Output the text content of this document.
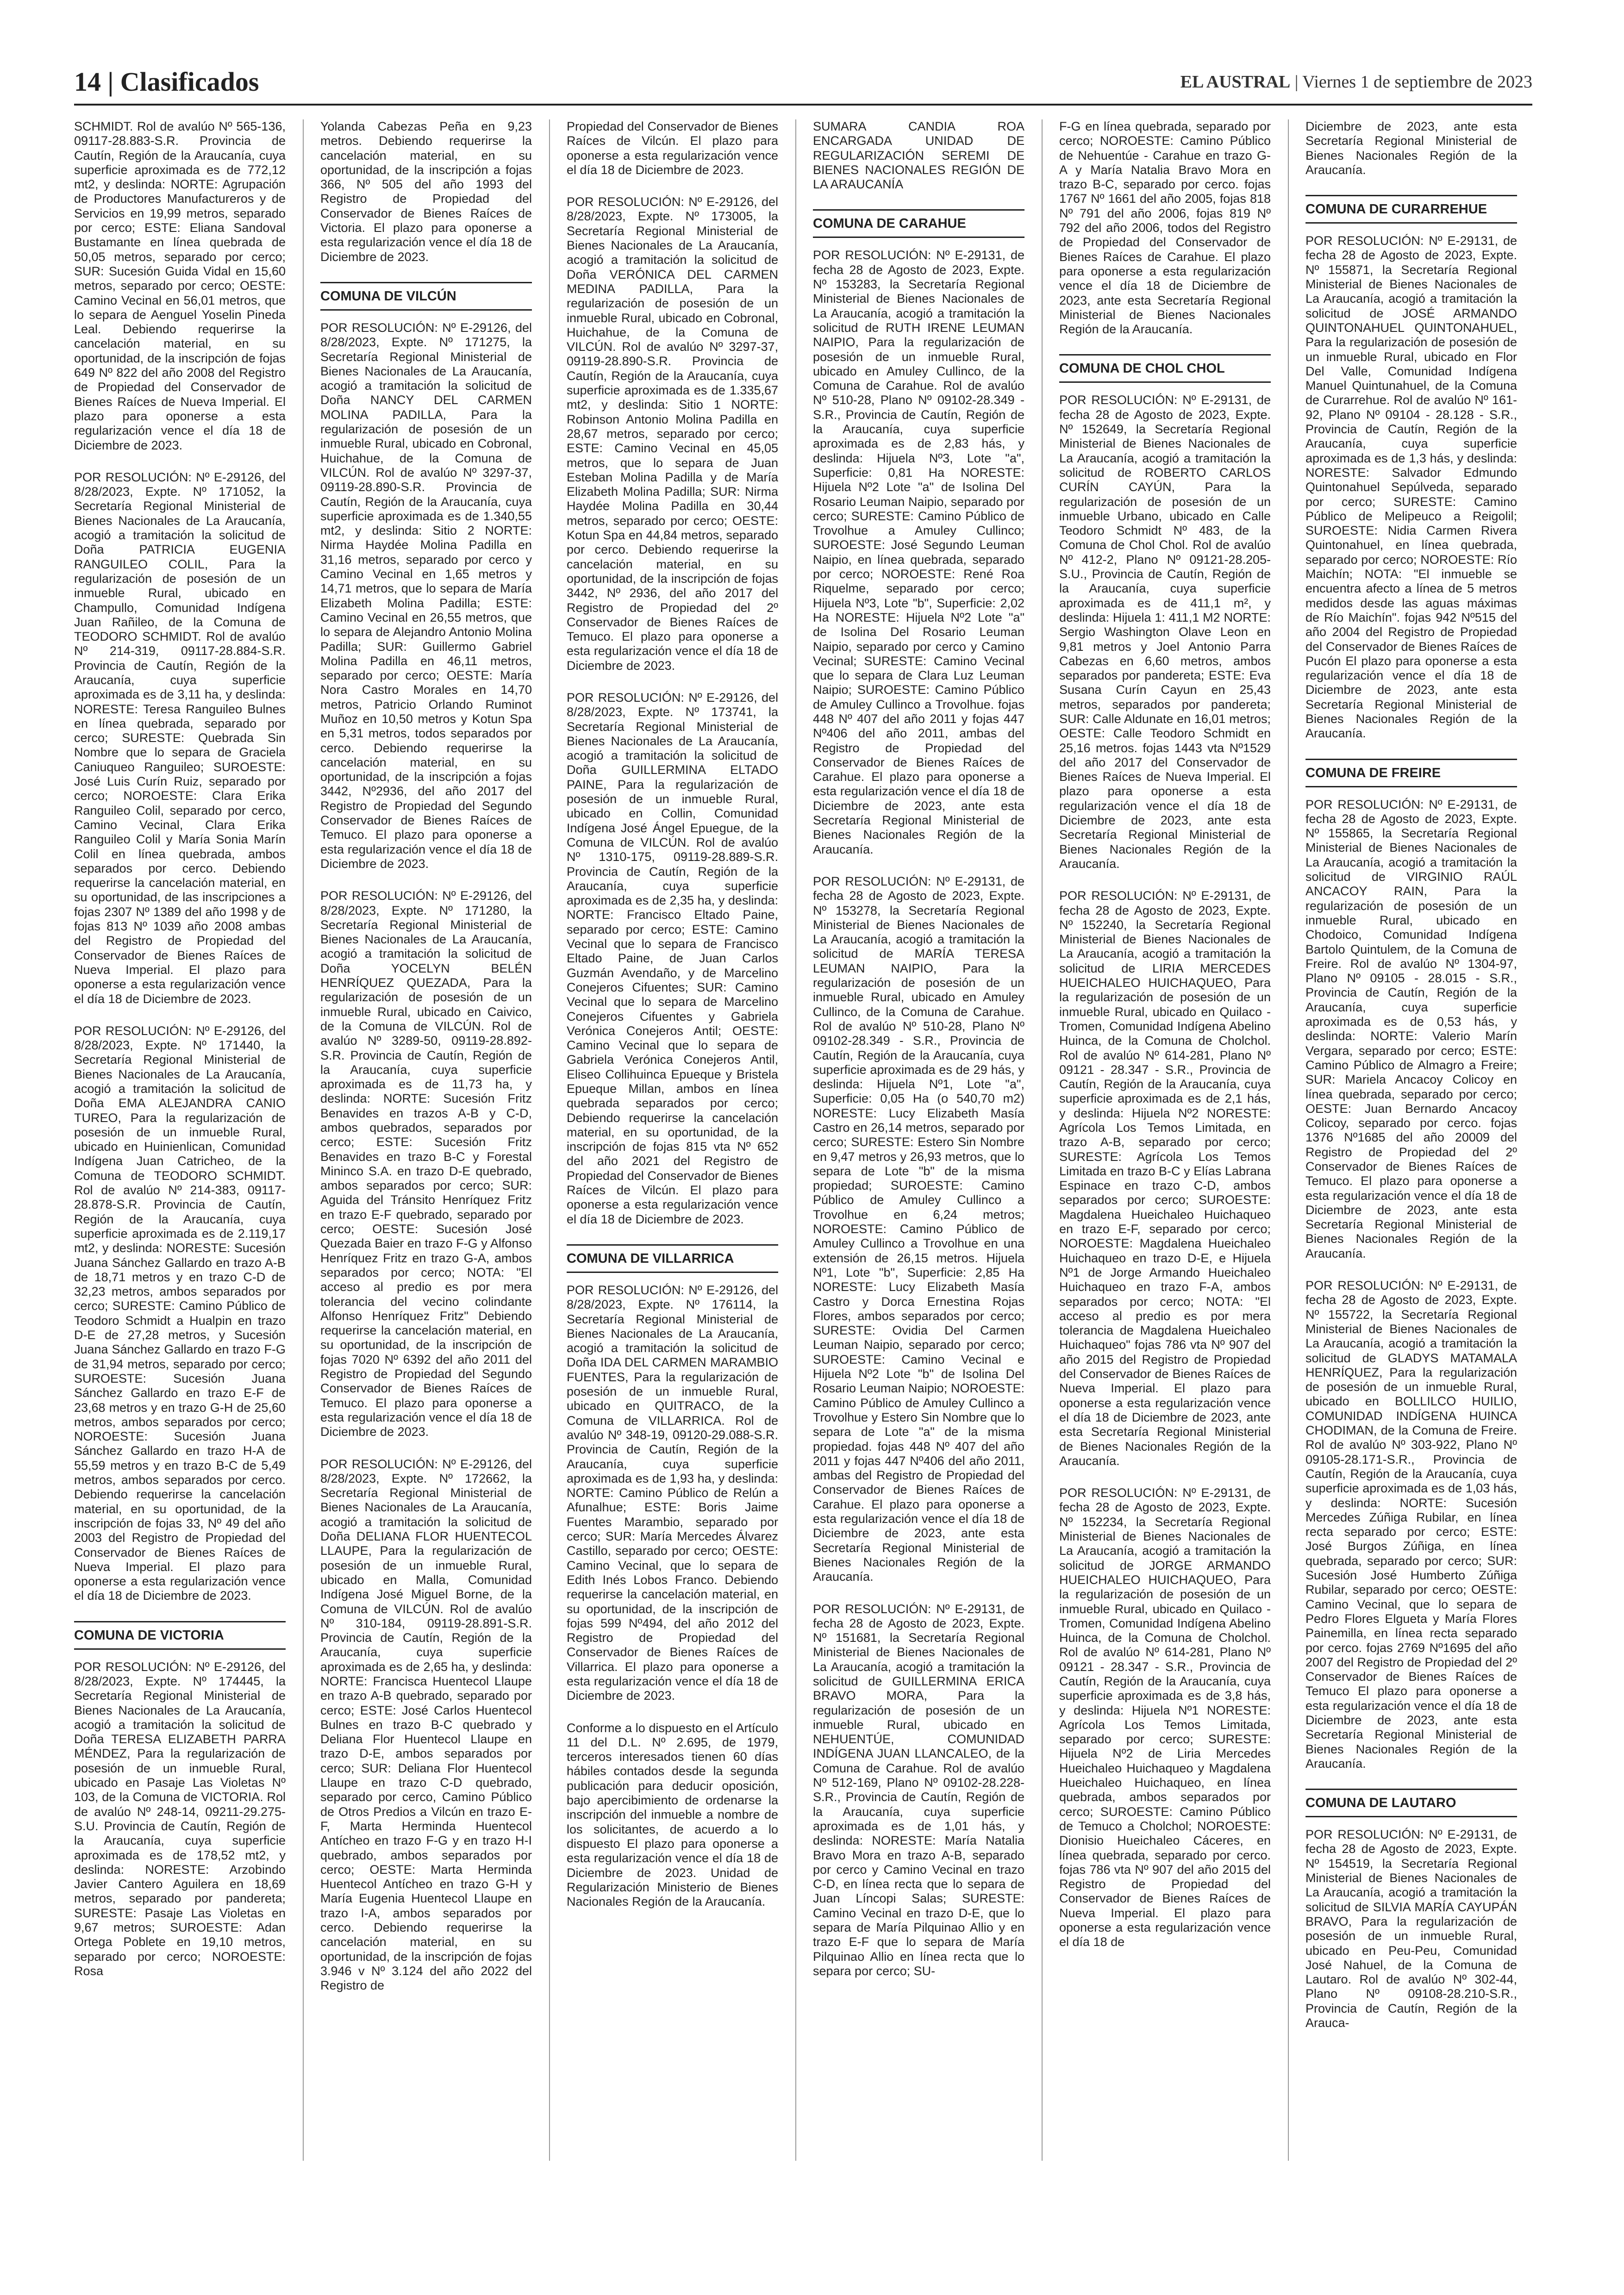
14 | Clasificados	EL AUSTRAL | Viernes 1 de septiembre de 2023
SCHMIDT. Rol de avalúo Nº 565-136, 09117-28.883-S.R. Provincia de Cautín, Región de la Araucanía, cuya superficie aproximada es de 772,12 mt2, y deslinda: NORTE: Agrupación de Productores Manufactureros y de Servicios en 19,99 metros, separado por cerco; ESTE: Eliana Sandoval Bustamante en línea quebrada de 50,05 metros, separado por cerco; SUR: Sucesión Guida Vidal en 15,60 metros, separado por cerco; OESTE: Camino Vecinal en 56,01 metros, que lo separa de Aenguel Yoselin Pineda Leal. Debiendo requerirse la cancelación material, en su oportunidad, de la inscripción de fojas 649 Nº 822 del año 2008 del Registro de Propiedad del Conservador de Bienes Raíces de Nueva Imperial. El plazo para oponerse a esta regularización vence el día 18 de Diciembre de 2023.
POR RESOLUCIÓN: Nº E-29126, del 8/28/2023, Expte. Nº 171052, la Secretaría Regional Ministerial de Bienes Nacionales de La Araucanía, acogió a tramitación la solicitud de Doña PATRICIA EUGENIA RANGUILEO COLIL, Para la regularización de posesión de un inmueble Rural, ubicado en Champullo, Comunidad Indígena Juan Rañileo, de la Comuna de TEODORO SCHMIDT. Rol de avalúo Nº 214-319, 09117-28.884-S.R. Provincia de Cautín, Región de la Araucanía, cuya superficie aproximada es de 3,11 ha, y deslinda: NORESTE: Teresa Ranguileo Bulnes en línea quebrada, separado por cerco; SURESTE: Quebrada Sin Nombre que lo separa de Graciela Caniuqueo Ranguileo; SUROESTE: José Luis Curín Ruiz, separado por cerco; NOROESTE: Clara Erika Ranguileo Colil, separado por cerco, Camino Vecinal, Clara Erika Ranguileo Colil y María Sonia Marín Colil en línea quebrada, ambos separados por cerco. Debiendo requerirse la cancelación material, en su oportunidad, de las inscripciones a fojas 2307 Nº 1389 del año 1998 y de fojas 813 Nº 1039 año 2008 ambas del Registro de Propiedad del Conservador de Bienes Raíces de Nueva Imperial. El plazo para oponerse a esta regularización vence el día 18 de Diciembre de 2023.
POR RESOLUCIÓN: Nº E-29126, del 8/28/2023, Expte. Nº 171440, la Secretaría Regional Ministerial de Bienes Nacionales de La Araucanía, acogió a tramitación la solicitud de Doña EMA ALEJANDRA CANIO TUREO, Para la regularización de posesión de un inmueble Rural, ubicado en Huinienlican, Comunidad Indígena Juan Catricheo, de la Comuna de TEODORO SCHMIDT. Rol de avalúo Nº 214-383, 09117-28.878-S.R. Provincia de Cautín, Región de la Araucanía, cuya superficie aproximada es de 2.119,17 mt2, y deslinda: NORESTE: Sucesión Juana Sánchez Gallardo en trazo A-B de 18,71 metros y en trazo C-D de 32,23 metros, ambos separados por cerco; SURESTE: Camino Público de Teodoro Schmidt a Hualpin en trazo D-E de 27,28 metros, y Sucesión Juana Sánchez Gallardo en trazo F-G de 31,94 metros, separado por cerco; SUROESTE: Sucesión Juana Sánchez Gallardo en trazo E-F de 23,68 metros y en trazo G-H de 25,60 metros, ambos separados por cerco; NOROESTE: Sucesión Juana Sánchez Gallardo en trazo H-A de 55,59 metros y en trazo B-C de 5,49 metros, ambos separados por cerco. Debiendo requerirse la cancelación material, en su oportunidad, de la inscripción de fojas 33, Nº 49 del año 2003 del Registro de Propiedad del Conservador de Bienes Raíces de Nueva Imperial. El plazo para oponerse a esta regularización vence el día 18 de Diciembre de 2023.
COMUNA DE VICTORIA
POR RESOLUCIÓN: Nº E-29126, del 8/28/2023, Expte. Nº 174445, la Secretaría Regional Ministerial de Bienes Nacionales de La Araucanía, acogió a tramitación la solicitud de Doña TERESA ELIZABETH PARRA MÉNDEZ, Para la regularización de posesión de un inmueble Rural, ubicado en Pasaje Las Violetas Nº 103, de la Comuna de VICTORIA. Rol de avalúo Nº 248-14, 09211-29.275-S.U. Provincia de Cautín, Región de la Araucanía, cuya superficie aproximada es de 178,52 mt2, y deslinda: NORESTE: Arzobindo Javier Cantero Aguilera en 18,69 metros, separado por pandereta; SURESTE: Pasaje Las Violetas en 9,67 metros; SUROESTE: Adan Ortega Poblete en 19,10 metros, separado por cerco; NOROESTE: Rosa
Yolanda Cabezas Peña en 9,23 metros. Debiendo requerirse la cancelación material, en su oportunidad, de la inscripción a fojas 366, Nº 505 del año 1993 del Registro de Propiedad del Conservador de Bienes Raíces de Victoria. El plazo para oponerse a esta regularización vence el día 18 de Diciembre de 2023.
COMUNA DE VILCÚN
POR RESOLUCIÓN: Nº E-29126, del 8/28/2023, Expte. Nº 171275, la Secretaría Regional Ministerial de Bienes Nacionales de La Araucanía, acogió a tramitación la solicitud de Doña NANCY DEL CARMEN MOLINA PADILLA, Para la regularización de posesión de un inmueble Rural, ubicado en Cobronal, Huichahue, de la Comuna de VILCÚN. Rol de avalúo Nº 3297-37, 09119-28.890-S.R. Provincia de Cautín, Región de la Araucanía, cuya superficie aproximada es de 1.340,55 mt2, y deslinda: Sitio 2 NORTE: Nirma Haydée Molina Padilla en 31,16 metros, separado por cerco y Camino Vecinal en 1,65 metros y 14,71 metros, que lo separa de María Elizabeth Molina Padilla; ESTE: Camino Vecinal en 26,55 metros, que lo separa de Alejandro Antonio Molina Padilla; SUR: Guillermo Gabriel Molina Padilla en 46,11 metros, separado por cerco; OESTE: María Nora Castro Morales en 14,70 metros, Patricio Orlando Ruminot Muñoz en 10,50 metros y Kotun Spa en 5,31 metros, todos separados por cerco. Debiendo requerirse la cancelación material, en su oportunidad, de la inscripción a fojas 3442, Nº2936, del año 2017 del Registro de Propiedad del Segundo Conservador de Bienes Raíces de Temuco. El plazo para oponerse a esta regularización vence el día 18 de Diciembre de 2023.
POR RESOLUCIÓN: Nº E-29126, del 8/28/2023, Expte. Nº 171280, la Secretaría Regional Ministerial de Bienes Nacionales de La Araucanía, acogió a tramitación la solicitud de Doña YOCELYN BELÉN HENRÍQUEZ QUEZADA, Para la regularización de posesión de un inmueble Rural, ubicado en Caivico, de la Comuna de VILCÚN. Rol de avalúo Nº 3289-50, 09119-28.892-S.R. Provincia de Cautín, Región de la Araucanía, cuya superficie aproximada es de 11,73 ha, y deslinda: NORTE: Sucesión Fritz Benavides en trazos A-B y C-D, ambos quebrados, separados por cerco; ESTE: Sucesión Fritz Benavides en trazo B-C y Forestal Mininco S.A. en trazo D-E quebrado, ambos separados por cerco; SUR: Aguida del Tránsito Henríquez Fritz en trazo E-F quebrado, separado por cerco; OESTE: Sucesión José Quezada Baier en trazo F-G y Alfonso Henríquez Fritz en trazo G-A, ambos separados por cerco; NOTA: "El acceso al predio es por mera tolerancia del vecino colindante Alfonso Henríquez Fritz" Debiendo requerirse la cancelación material, en su oportunidad, de la inscripción de fojas 7020 Nº 6392 del año 2011 del Registro de Propiedad del Segundo Conservador de Bienes Raíces de Temuco. El plazo para oponerse a esta regularización vence el día 18 de Diciembre de 2023.
POR RESOLUCIÓN: Nº E-29126, del 8/28/2023, Expte. Nº 172662, la Secretaría Regional Ministerial de Bienes Nacionales de La Araucanía, acogió a tramitación la solicitud de Doña DELIANA FLOR HUENTECOL LLAUPE, Para la regularización de posesión de un inmueble Rural, ubicado en Malla, Comunidad Indígena José Miguel Borne, de la Comuna de VILCÚN. Rol de avalúo Nº 310-184, 09119-28.891-S.R. Provincia de Cautín, Región de la Araucanía, cuya superficie aproximada es de 2,65 ha, y deslinda: NORTE: Francisca Huentecol Llaupe en trazo A-B quebrado, separado por cerco; ESTE: José Carlos Huentecol Bulnes en trazo B-C quebrado y Deliana Flor Huentecol Llaupe en trazo D-E, ambos separados por cerco; SUR: Deliana Flor Huentecol Llaupe en trazo C-D quebrado, separado por cerco, Camino Público de Otros Predios a Vilcún en trazo E-F, Marta Herminda Huentecol Antícheo en trazo F-G y en trazo H-I quebrado, ambos separados por cerco; OESTE: Marta Herminda Huentecol Antícheo en trazo G-H y María Eugenia Huentecol Llaupe en trazo I-A, ambos separados por cerco. Debiendo requerirse la cancelación material, en su oportunidad, de la inscripción de fojas 3.946 v Nº 3.124 del año 2022 del Registro de
Propiedad del Conservador de Bienes Raíces de Vilcún. El plazo para oponerse a esta regularización vence el día 18 de Diciembre de 2023.
POR RESOLUCIÓN: Nº E-29126, del 8/28/2023, Expte. Nº 173005, la Secretaría Regional Ministerial de Bienes Nacionales de La Araucanía, acogió a tramitación la solicitud de Doña VERÓNICA DEL CARMEN MEDINA PADILLA, Para la regularización de posesión de un inmueble Rural, ubicado en Cobronal, Huichahue, de la Comuna de VILCÚN. Rol de avalúo Nº 3297-37, 09119-28.890-S.R. Provincia de Cautín, Región de la Araucanía, cuya superficie aproximada es de 1.335,67 mt2, y deslinda: Sitio 1 NORTE: Robinson Antonio Molina Padilla en 28,67 metros, separado por cerco; ESTE: Camino Vecinal en 45,05 metros, que lo separa de Juan Esteban Molina Padilla y de María Elizabeth Molina Padilla; SUR: Nirma Haydée Molina Padilla en 30,44 metros, separado por cerco; OESTE: Kotun Spa en 44,84 metros, separado por cerco. Debiendo requerirse la cancelación material, en su oportunidad, de la inscripción de fojas 3442, Nº 2936, del año 2017 del Registro de Propiedad del 2º Conservador de Bienes Raíces de Temuco. El plazo para oponerse a esta regularización vence el día 18 de Diciembre de 2023.
POR RESOLUCIÓN: Nº E-29126, del 8/28/2023, Expte. Nº 173741, la Secretaría Regional Ministerial de Bienes Nacionales de La Araucanía, acogió a tramitación la solicitud de Doña GUILLERMINA ELTADO PAINE, Para la regularización de posesión de un inmueble Rural, ubicado en Collin, Comunidad Indígena José Ángel Epuegue, de la Comuna de VILCÚN. Rol de avalúo Nº 1310-175, 09119-28.889-S.R. Provincia de Cautín, Región de la Araucanía, cuya superficie aproximada es de 2,35 ha, y deslinda: NORTE: Francisco Eltado Paine, separado por cerco; ESTE: Camino Vecinal que lo separa de Francisco Eltado Paine, de Juan Carlos Guzmán Avendaño, y de Marcelino Conejeros Cifuentes; SUR: Camino Vecinal que lo separa de Marcelino Conejeros Cifuentes y Gabriela Verónica Conejeros Antil; OESTE: Camino Vecinal que lo separa de Gabriela Verónica Conejeros Antil, Eliseo Collihuinca Epueque y Bristela Epueque Millan, ambos en línea quebrada separados por cerco; Debiendo requerirse la cancelación material, en su oportunidad, de la inscripción de fojas 815 vta Nº 652 del año 2021 del Registro de Propiedad del Conservador de Bienes Raíces de Vilcún. El plazo para oponerse a esta regularización vence el día 18 de Diciembre de 2023.
COMUNA DE VILLARRICA
POR RESOLUCIÓN: Nº E-29126, del 8/28/2023, Expte. Nº 176114, la Secretaría Regional Ministerial de Bienes Nacionales de La Araucanía, acogió a tramitación la solicitud de Doña IDA DEL CARMEN MARAMBIO FUENTES, Para la regularización de posesión de un inmueble Rural, ubicado en QUITRACO, de la Comuna de VILLARRICA. Rol de avalúo Nº 348-19, 09120-29.088-S.R. Provincia de Cautín, Región de la Araucanía, cuya superficie aproximada es de 1,93 ha, y deslinda: NORTE: Camino Público de Relún a Afunalhue; ESTE: Boris Jaime Fuentes Marambio, separado por cerco; SUR: María Mercedes Álvarez Castillo, separado por cerco; OESTE: Camino Vecinal, que lo separa de Edith Inés Lobos Franco. Debiendo requerirse la cancelación material, en su oportunidad, de la inscripción de fojas 599 Nº494, del año 2012 del Registro de Propiedad del Conservador de Bienes Raíces de Villarrica. El plazo para oponerse a esta regularización vence el día 18 de Diciembre de 2023.
Conforme a lo dispuesto en el Artículo 11 del D.L. Nº 2.695, de 1979, terceros interesados tienen 60 días hábiles contados desde la segunda publicación para deducir oposición, bajo apercibimiento de ordenarse la inscripción del inmueble a nombre de los solicitantes, de acuerdo a lo dispuesto El plazo para oponerse a esta regularización vence el día 18 de Diciembre de 2023. Unidad de Regularización Ministerio de Bienes Nacionales Región de la Araucanía.
SUMARA CANDIA ROA ENCARGADA UNIDAD DE REGULARIZACIÓN SEREMI DE BIENES NACIONALES REGIÓN DE LA ARAUCANÍA
COMUNA DE CARAHUE
POR RESOLUCIÓN: Nº E-29131, de fecha 28 de Agosto de 2023, Expte. Nº 153283, la Secretaría Regional Ministerial de Bienes Nacionales de La Araucanía, acogió a tramitación la solicitud de RUTH IRENE LEUMAN NAIPIO, Para la regularización de posesión de un inmueble Rural, ubicado en Amuley Cullinco, de la Comuna de Carahue. Rol de avalúo Nº 510-28, Plano Nº 09102-28.349 - S.R., Provincia de Cautín, Región de la Araucanía, cuya superficie aproximada es de 2,83 hás, y deslinda: Hijuela Nº3, Lote "a", Superficie: 0,81 Ha NORESTE: Hijuela Nº2 Lote "a" de Isolina Del Rosario Leuman Naipio, separado por cerco; SURESTE: Camino Público de Trovolhue a Amuley Cullinco; SUROESTE: José Segundo Leuman Naipio, en línea quebrada, separado por cerco; NOROESTE: René Roa Riquelme, separado por cerco; Hijuela Nº3, Lote "b", Superficie: 2,02 Ha NORESTE: Hijuela Nº2 Lote "a" de Isolina Del Rosario Leuman Naipio, separado por cerco y Camino Vecinal; SURESTE: Camino Vecinal que lo separa de Clara Luz Leuman Naipio; SUROESTE: Camino Público de Amuley Cullinco a Trovolhue. fojas 448 Nº 407 del año 2011 y fojas 447 Nº406 del año 2011, ambas del Registro de Propiedad del Conservador de Bienes Raíces de Carahue. El plazo para oponerse a esta regularización vence el día 18 de Diciembre de 2023, ante esta Secretaría Regional Ministerial de Bienes Nacionales Región de la Araucanía.
POR RESOLUCIÓN: Nº E-29131, de fecha 28 de Agosto de 2023, Expte. Nº 153278, la Secretaría Regional Ministerial de Bienes Nacionales de La Araucanía, acogió a tramitación la solicitud de MARÍA TERESA LEUMAN NAIPIO, Para la regularización de posesión de un inmueble Rural, ubicado en Amuley Cullinco, de la Comuna de Carahue. Rol de avalúo Nº 510-28, Plano Nº 09102-28.349 - S.R., Provincia de Cautín, Región de la Araucanía, cuya superficie aproximada es de 29 hás, y deslinda: Hijuela Nº1, Lote "a", Superficie: 0,05 Ha (o 540,70 m2) NORESTE: Lucy Elizabeth Masía Castro en 26,14 metros, separado por cerco; SURESTE: Estero Sin Nombre en 9,47 metros y 26,93 metros, que lo separa de Lote "b" de la misma propiedad; SUROESTE: Camino Público de Amuley Cullinco a Trovolhue en 6,24 metros; NOROESTE: Camino Público de Amuley Cullinco a Trovolhue en una extensión de 26,15 metros. Hijuela Nº1, Lote "b", Superficie: 2,85 Ha NORESTE: Lucy Elizabeth Masía Castro y Dorca Ernestina Rojas Flores, ambos separados por cerco; SURESTE: Ovidia Del Carmen Leuman Naipio, separado por cerco; SUROESTE: Camino Vecinal e Hijuela Nº2 Lote "b" de Isolina Del Rosario Leuman Naipio; NOROESTE: Camino Público de Amuley Cullinco a Trovolhue y Estero Sin Nombre que lo separa de Lote "a" de la misma propiedad. fojas 448 Nº 407 del año 2011 y fojas 447 Nº406 del año 2011, ambas del Registro de Propiedad del Conservador de Bienes Raíces de Carahue. El plazo para oponerse a esta regularización vence el día 18 de Diciembre de 2023, ante esta Secretaría Regional Ministerial de Bienes Nacionales Región de la Araucanía.
POR RESOLUCIÓN: Nº E-29131, de fecha 28 de Agosto de 2023, Expte. Nº 151681, la Secretaría Regional Ministerial de Bienes Nacionales de La Araucanía, acogió a tramitación la solicitud de GUILLERMINA ERICA BRAVO MORA, Para la regularización de posesión de un inmueble Rural, ubicado en NEHUENTÚE, COMUNIDAD INDÍGENA JUAN LLANCALEO, de la Comuna de Carahue. Rol de avalúo Nº 512-169, Plano Nº 09102-28.228-S.R., Provincia de Cautín, Región de la Araucanía, cuya superficie aproximada es de 1,01 hás, y deslinda: NORESTE: María Natalia Bravo Mora en trazo A-B, separado por cerco y Camino Vecinal en trazo C-D, en línea recta que lo separa de Juan Líncopi Salas; SURESTE: Camino Vecinal en trazo D-E, que lo separa de María Pilquinao Allio y en trazo E-F que lo separa de María Pilquinao Allio en línea recta que lo separa por cerco; SU-
F-G en línea quebrada, separado por cerco; NOROESTE: Camino Público de Nehuentúe - Carahue en trazo G-A y María Natalia Bravo Mora en trazo B-C, separado por cerco. fojas 1767 Nº 1661 del año 2005, fojas 818 Nº 791 del año 2006, fojas 819 Nº 792 del año 2006, todos del Registro de Propiedad del Conservador de Bienes Raíces de Carahue. El plazo para oponerse a esta regularización vence el día 18 de Diciembre de 2023, ante esta Secretaría Regional Ministerial de Bienes Nacionales Región de la Araucanía.
COMUNA DE CHOL CHOL
POR RESOLUCIÓN: Nº E-29131, de fecha 28 de Agosto de 2023, Expte. Nº 152649, la Secretaría Regional Ministerial de Bienes Nacionales de La Araucanía, acogió a tramitación la solicitud de ROBERTO CARLOS CURÍN CAYÚN, Para la regularización de posesión de un inmueble Urbano, ubicado en Calle Teodoro Schmidt Nº 483, de la Comuna de Chol Chol. Rol de avalúo Nº 412-2, Plano Nº 09121-28.205-S.U., Provincia de Cautín, Región de la Araucanía, cuya superficie aproximada es de 411,1 m², y deslinda: Hijuela 1: 411,1 M2 NORTE: Sergio Washington Olave Leon en 9,81 metros y Joel Antonio Parra Cabezas en 6,60 metros, ambos separados por pandereta; ESTE: Eva Susana Curín Cayun en 25,43 metros, separados por pandereta; SUR: Calle Aldunate en 16,01 metros; OESTE: Calle Teodoro Schmidt en 25,16 metros. fojas 1443 vta Nº1529 del año 2017 del Conservador de Bienes Raíces de Nueva Imperial. El plazo para oponerse a esta regularización vence el día 18 de Diciembre de 2023, ante esta Secretaría Regional Ministerial de Bienes Nacionales Región de la Araucanía.
POR RESOLUCIÓN: Nº E-29131, de fecha 28 de Agosto de 2023, Expte. Nº 152240, la Secretaría Regional Ministerial de Bienes Nacionales de La Araucanía, acogió a tramitación la solicitud de LIRIA MERCEDES HUEICHALEO HUICHAQUEO, Para la regularización de posesión de un inmueble Rural, ubicado en Quilaco - Tromen, Comunidad Indígena Abelino Huinca, de la Comuna de Cholchol. Rol de avalúo Nº 614-281, Plano Nº 09121 - 28.347 - S.R., Provincia de Cautín, Región de la Araucanía, cuya superficie aproximada es de 2,1 hás, y deslinda: Hijuela Nº2 NORESTE: Agrícola Los Temos Limitada, en trazo A-B, separado por cerco; SURESTE: Agrícola Los Temos Limitada en trazo B-C y Elías Labrana Espinace en trazo C-D, ambos separados por cerco; SUROESTE: Magdalena Hueichaleo Huichaqueo en trazo E-F, separado por cerco; NOROESTE: Magdalena Hueichaleo Huichaqueo en trazo D-E, e Hijuela Nº1 de Jorge Armando Hueichaleo Huichaqueo en trazo F-A, ambos separados por cerco; NOTA: "El acceso al predio es por mera tolerancia de Magdalena Hueichaleo Huichaqueo" fojas 786 vta Nº 907 del año 2015 del Registro de Propiedad del Conservador de Bienes Raíces de Nueva Imperial. El plazo para oponerse a esta regularización vence el día 18 de Diciembre de 2023, ante esta Secretaría Regional Ministerial de Bienes Nacionales Región de la Araucanía.
POR RESOLUCIÓN: Nº E-29131, de fecha 28 de Agosto de 2023, Expte. Nº 152234, la Secretaría Regional Ministerial de Bienes Nacionales de La Araucanía, acogió a tramitación la solicitud de JORGE ARMANDO HUEICHALEO HUICHAQUEO, Para la regularización de posesión de un inmueble Rural, ubicado en Quilaco - Tromen, Comunidad Indígena Abelino Huinca, de la Comuna de Cholchol. Rol de avalúo Nº 614-281, Plano Nº 09121 - 28.347 - S.R., Provincia de Cautín, Región de la Araucanía, cuya superficie aproximada es de 3,8 hás, y deslinda: Hijuela Nº1 NORESTE: Agrícola Los Temos Limitada, separado por cerco; SURESTE: Hijuela Nº2 de Liria Mercedes Hueichaleo Huichaqueo y Magdalena Hueichaleo Huichaqueo, en línea quebrada, ambos separados por cerco; SUROESTE: Camino Público de Temuco a Cholchol; NOROESTE: Dionisio Hueichaleo Cáceres, en línea quebrada, separado por cerco. fojas 786 vta Nº 907 del año 2015 del Registro de Propiedad del Conservador de Bienes Raíces de Nueva Imperial. El plazo para oponerse a esta regularización vence el día 18 de
Diciembre de 2023, ante esta Secretaría Regional Ministerial de Bienes Nacionales Región de la Araucanía.
COMUNA DE CURARREHUE
POR RESOLUCIÓN: Nº E-29131, de fecha 28 de Agosto de 2023, Expte. Nº 155871, la Secretaría Regional Ministerial de Bienes Nacionales de La Araucanía, acogió a tramitación la solicitud de JOSÉ ARMANDO QUINTONAHUEL QUINTONAHUEL, Para la regularización de posesión de un inmueble Rural, ubicado en Flor Del Valle, Comunidad Indígena Manuel Quintunahuel, de la Comuna de Curarrehue. Rol de avalúo Nº 161-92, Plano Nº 09104 - 28.128 - S.R., Provincia de Cautín, Región de la Araucanía, cuya superficie aproximada es de 1,3 hás, y deslinda: NORESTE: Salvador Edmundo Quintonahuel Sepúlveda, separado por cerco; SURESTE: Camino Público de Melipeuco a Reigolil; SUROESTE: Nidia Carmen Rivera Quintonahuel, en línea quebrada, separado por cerco; NOROESTE: Río Maichín; NOTA: "El inmueble se encuentra afecto a línea de 5 metros medidos desde las aguas máximas de Río Maichín". fojas 942 Nº515 del año 2004 del Registro de Propiedad del Conservador de Bienes Raíces de Pucón El plazo para oponerse a esta regularización vence el día 18 de Diciembre de 2023, ante esta Secretaría Regional Ministerial de Bienes Nacionales Región de la Araucanía.
COMUNA DE FREIRE
POR RESOLUCIÓN: Nº E-29131, de fecha 28 de Agosto de 2023, Expte. Nº 155865, la Secretaría Regional Ministerial de Bienes Nacionales de La Araucanía, acogió a tramitación la solicitud de VIRGINIO RAÚL ANCACOY RAIN, Para la regularización de posesión de un inmueble Rural, ubicado en Chodoico, Comunidad Indígena Bartolo Quintulem, de la Comuna de Freire. Rol de avalúo Nº 1304-97, Plano Nº 09105 - 28.015 - S.R., Provincia de Cautín, Región de la Araucanía, cuya superficie aproximada es de 0,53 hás, y deslinda: NORTE: Valerio Marín Vergara, separado por cerco; ESTE: Camino Público de Almagro a Freire; SUR: Mariela Ancacoy Colicoy en línea quebrada, separado por cerco; OESTE: Juan Bernardo Ancacoy Colicoy, separado por cerco. fojas 1376 Nº1685 del año 20009 del Registro de Propiedad del 2º Conservador de Bienes Raíces de Temuco. El plazo para oponerse a esta regularización vence el día 18 de Diciembre de 2023, ante esta Secretaría Regional Ministerial de Bienes Nacionales Región de la Araucanía.
POR RESOLUCIÓN: Nº E-29131, de fecha 28 de Agosto de 2023, Expte. Nº 155722, la Secretaría Regional Ministerial de Bienes Nacionales de La Araucanía, acogió a tramitación la solicitud de GLADYS MATAMALA HENRÍQUEZ, Para la regularización de posesión de un inmueble Rural, ubicado en BOLLILCO HUILIO, COMUNIDAD INDÍGENA HUINCA CHODIMAN, de la Comuna de Freire. Rol de avalúo Nº 303-922, Plano Nº 09105-28.171-S.R., Provincia de Cautín, Región de la Araucanía, cuya superficie aproximada es de 1,03 hás, y deslinda: NORTE: Sucesión Mercedes Zúñiga Rubilar, en línea recta separado por cerco; ESTE: José Burgos Zúñiga, en línea quebrada, separado por cerco; SUR: Sucesión José Humberto Zúñiga Rubilar, separado por cerco; OESTE: Camino Vecinal, que lo separa de Pedro Flores Elgueta y María Flores Painemilla, en línea recta separado por cerco. fojas 2769 Nº1695 del año 2007 del Registro de Propiedad del 2º Conservador de Bienes Raíces de Temuco El plazo para oponerse a esta regularización vence el día 18 de Diciembre de 2023, ante esta Secretaría Regional Ministerial de Bienes Nacionales Región de la Araucanía.
COMUNA DE LAUTARO
POR RESOLUCIÓN: Nº E-29131, de fecha 28 de Agosto de 2023, Expte. Nº 154519, la Secretaría Regional Ministerial de Bienes Nacionales de La Araucanía, acogió a tramitación la solicitud de SILVIA MARÍA CAYUPÁN BRAVO, Para la regularización de posesión de un inmueble Rural, ubicado en Peu-Peu, Comunidad José Nahuel, de la Comuna de Lautaro. Rol de avalúo Nº 302-44, Plano Nº 09108-28.210-S.R., Provincia de Cautín, Región de la Arauca-
